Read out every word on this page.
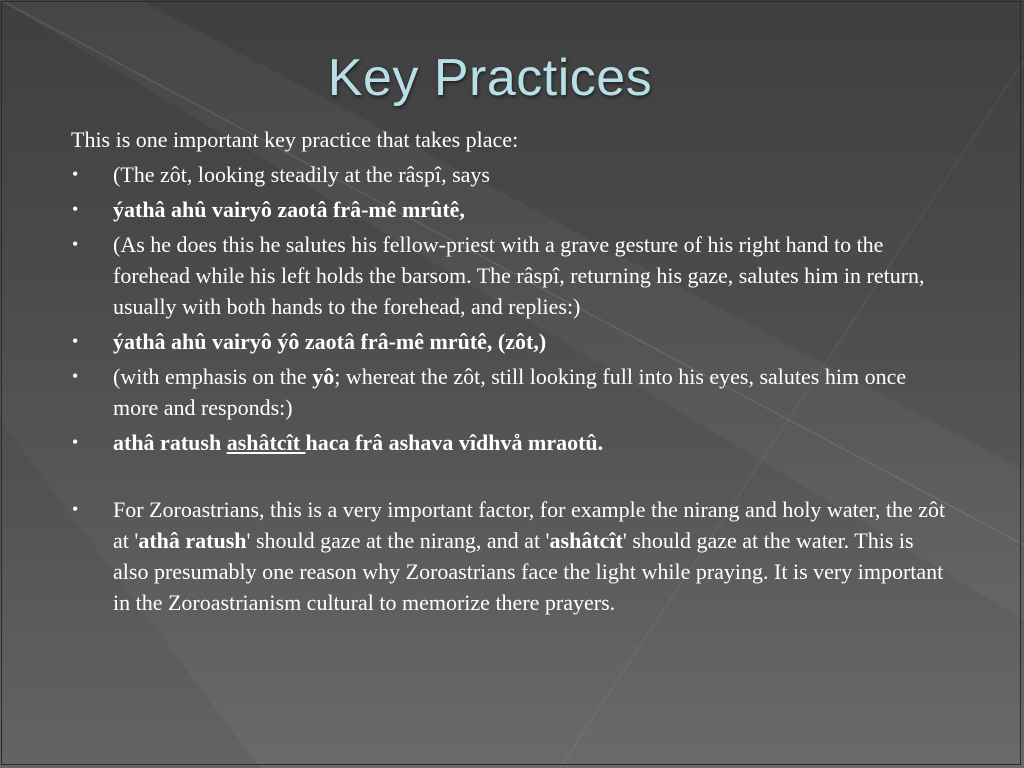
Key Practices

This is one important key practice that takes place:

• (The zôt, looking steadily at the râspî, says
• ýathâ ahû vairyô zaotâ frâ-mê mrûtê,
• (As he does this he salutes his fellow-priest with a grave gesture of his right hand to the forehead while his left holds the barsom. The râspî, returning his gaze, salutes him in return, usually with both hands to the forehead, and replies:)
• ýathâ ahû vairyô ýô zaotâ frâ-mê mrûtê, (zôt,)
• (with emphasis on the yô; whereat the zôt, still looking full into his eyes, salutes him once more and responds:)
• athâ ratush ashâtcît haca frâ ashava vîdhvå mraotû.
• For Zoroastrians, this is a very important factor, for example the nirang and holy water, the zôt at 'athâ ratush' should gaze at the nirang, and at 'ashâtcît' should gaze at the water. This is also presumably one reason why Zoroastrians face the light while praying. It is very important in the Zoroastrianism cultural to memorize there prayers.
